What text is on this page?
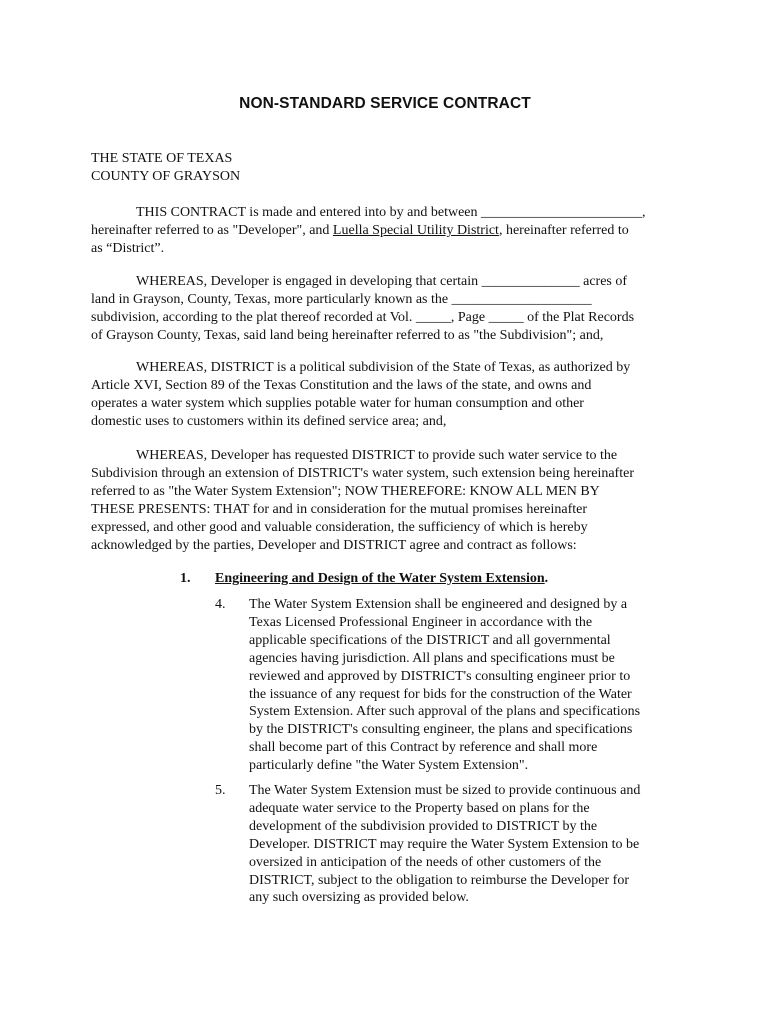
NON-STANDARD SERVICE CONTRACT
THE STATE OF TEXAS
COUNTY OF GRAYSON
THIS CONTRACT is made and entered into by and between _______________________,
hereinafter referred to as "Developer", and Luella Special Utility District, hereinafter referred to
as “District”.
WHEREAS, Developer is engaged in developing that certain ______________ acres of
land in Grayson, County, Texas, more particularly known as the ____________________
subdivision, according to the plat thereof recorded at Vol. _____, Page _____ of the Plat Records
of Grayson County, Texas, said land being hereinafter referred to as "the Subdivision"; and,
WHEREAS, DISTRICT is a political subdivision of the State of Texas, as authorized by
Article XVI, Section 89 of the Texas Constitution and the laws of the state, and owns and
operates a water system which supplies potable water for human consumption and other
domestic uses to customers within its defined service area; and,
WHEREAS, Developer has requested DISTRICT to provide such water service to the
Subdivision through an extension of DISTRICT's water system, such extension being hereinafter
referred to as "the Water System Extension"; NOW THEREFORE: KNOW ALL MEN BY
THESE PRESENTS: THAT for and in consideration for the mutual promises hereinafter
expressed, and other good and valuable consideration, the sufficiency of which is hereby
acknowledged by the parties, Developer and DISTRICT agree and contract as follows:
1. Engineering and Design of the Water System Extension.
4. The Water System Extension shall be engineered and designed by a
Texas Licensed Professional Engineer in accordance with the
applicable specifications of the DISTRICT and all governmental
agencies having jurisdiction. All plans and specifications must be
reviewed and approved by DISTRICT's consulting engineer prior to
the issuance of any request for bids for the construction of the Water
System Extension. After such approval of the plans and specifications
by the DISTRICT's consulting engineer, the plans and specifications
shall become part of this Contract by reference and shall more
particularly define "the Water System Extension".
5. The Water System Extension must be sized to provide continuous and
adequate water service to the Property based on plans for the
development of the subdivision provided to DISTRICT by the
Developer. DISTRICT may require the Water System Extension to be
oversized in anticipation of the needs of other customers of the
DISTRICT, subject to the obligation to reimburse the Developer for
any such oversizing as provided below.
